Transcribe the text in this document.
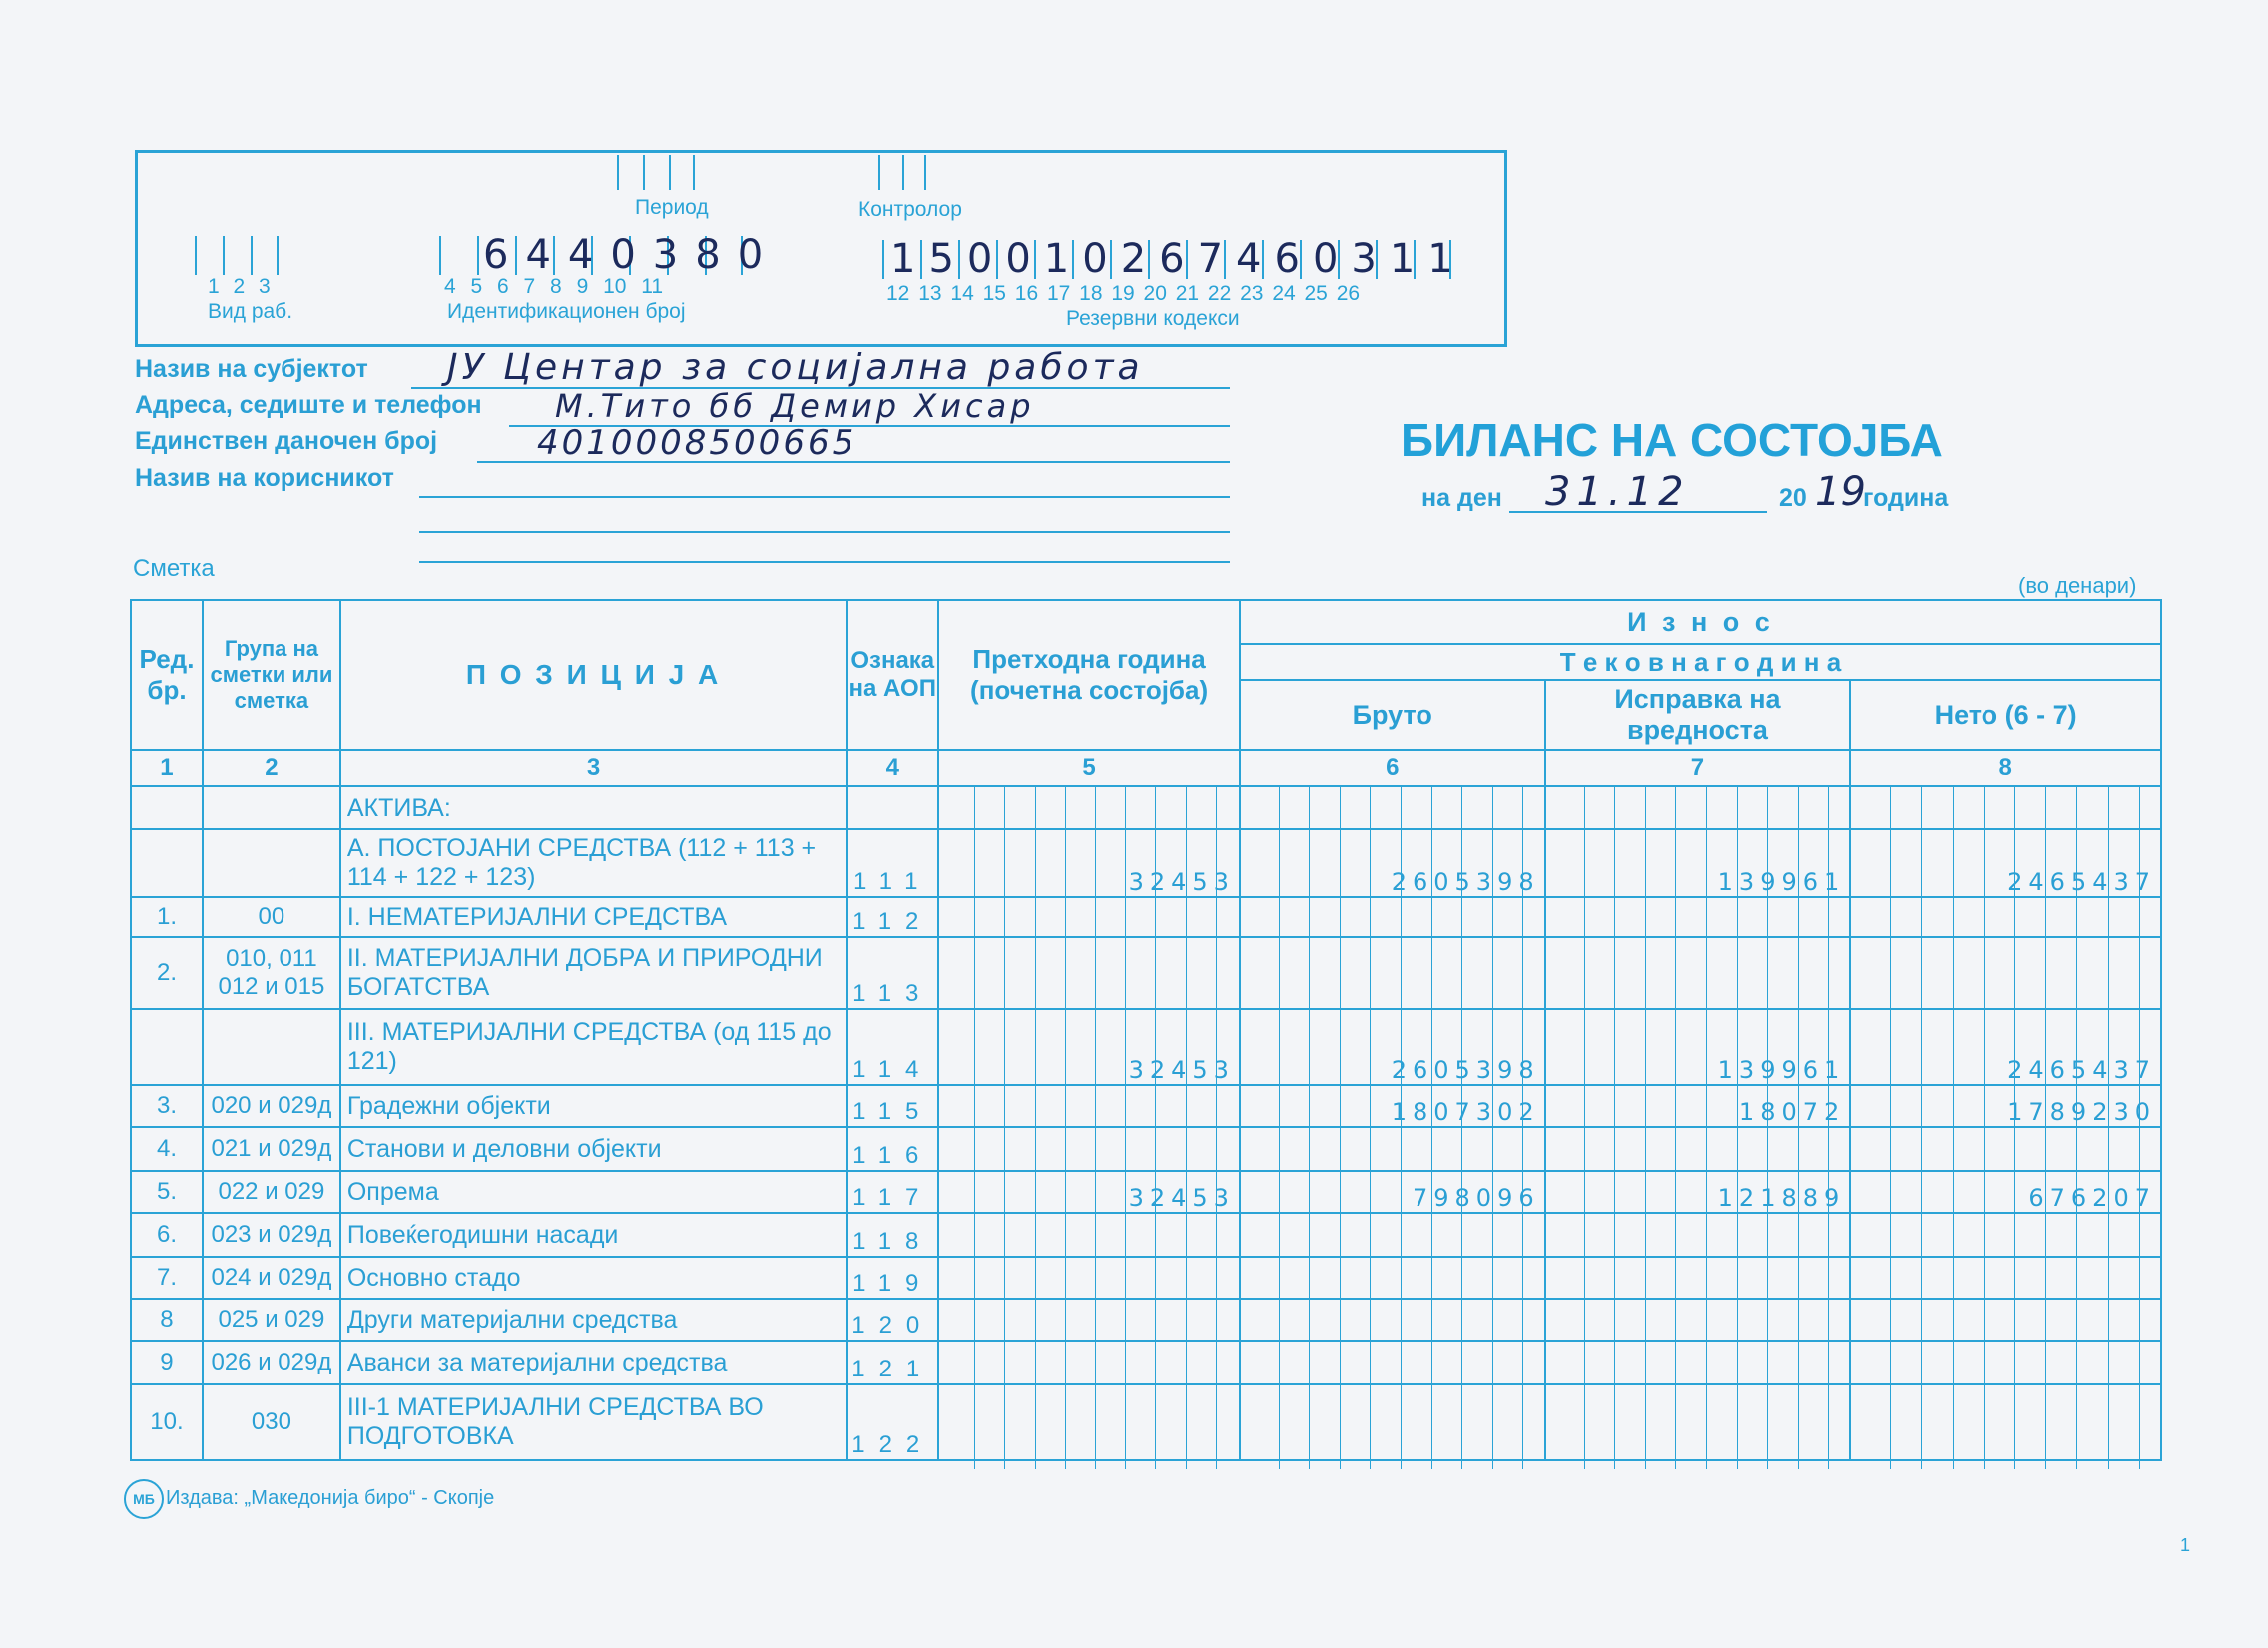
Период	Контролор
1 2 3
Вид раб.
6440380
4 5 6 7 8 9 10 11
Идентификационен број
150010267460311
12 13 14 15 16 17 18 19 20 21 22 23 24 25 26
Резервни кодекси
Назив на субјектот ЈУ Центар за социјална работа
Адреса, седиште и телефон М.Тито бб Демир Хисар
Единствен даночен број	4010008500665
Назив на корисникот
Сметка
БИЛАНС НА СОСТОЈБА
на ден 31.12	20 19
година
(во денари)
Ред. бр.	Група на сметки или сметка	П О З И Ц И Ј А	Ознака на АОП	Претходна година (почетна состојба)	И з н о с		
					Т е к о в н а г о д и н а		
					Бруто	Исправка на вредноста	Нето (6 - 7)
1	2	3	4	5	6	7	8
		АКТИВА:					
		А. ПОСТОЈАНИ СРЕДСТВА (112 + 113 + 114 + 122 + 123)	111	32453	2605398	139961	2465437
1.	00	I. НЕМАТЕРИЈАЛНИ СРЕДСТВА	112				
2.	010, 011 012 и 015	II. МАТЕРИЈАЛНИ ДОБРА И ПРИРОДНИ БОГАТСТВА	113				
		III. МАТЕРИЈАЛНИ СРЕДСТВА (од 115 до 121)	114	32453	2605398	139961	2465437
3.	020 и 029д	Градежни објекти	115		1807302	18072	1789230
4.	021 и 029д	Станови и деловни објекти	116				
5.	022 и 029	Опрема	117	32453	798096	121889	676207
6.	023 и 029д	Повеќегодишни насади	118				
7.	024 и 029д	Основно стадо	119				
8	025 и 029	Други материјални средства	120				
9	026 и 029д	Аванси за материјални средства	121				
10.	030	III-1 МАТЕРИЈАЛНИ СРЕДСТВА ВО ПОДГОТОВКА	122				
МБ Издава: „Македонија биро“ - Скопје
1
